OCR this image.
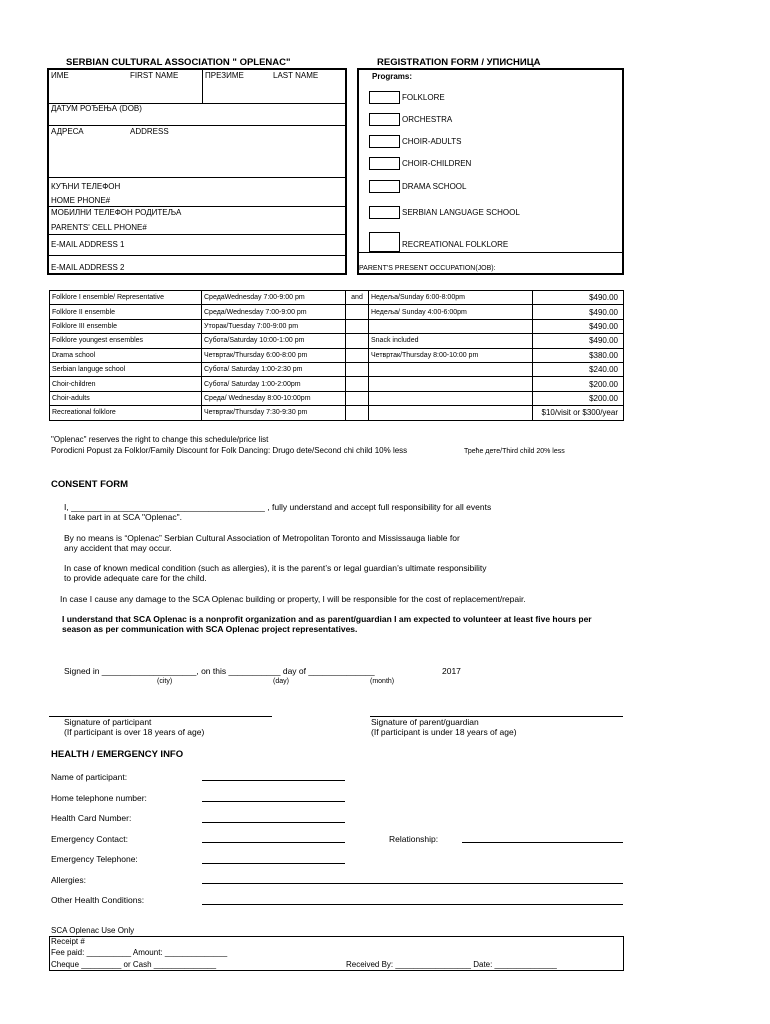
SERBIAN CULTURAL ASSOCIATION " OPLENAC"	REGISTRATION FORM / УПИСНИЦА
ИМЕ	FIRST NAME	ПРЕЗИМЕ	LAST NAME
ДАТУМ РОЂЕЊА (DOB)
АДРЕСА	ADDRESS
КУЋНИ ТЕЛЕФОН
HOME PHONE#
МОБИЛНИ ТЕЛЕФОН РОДИТЕЉА
PARENTS' CELL PHONE#
E-MAIL ADDRESS 1
E-MAIL ADDRESS 2
Programs:
FOLKLORE
ORCHESTRA
CHOIR-ADULTS
CHOIR-CHILDREN
DRAMA SCHOOL
SERBIAN LANGUAGE SCHOOL
RECREATIONAL FOLKLORE
PARENT'S PRESENT OCCUPATION(JOB):
Folklore I ensemble/ Representative	СредаWednesday 7:00-9:00 pm	and	Недеља/Sunday 6:00-8:00pm	$490.00
Folklore II ensemble	Среда/Wednesday 7:00-9:00 pm		Недеља/ Sunday 4:00-6:00pm	$490.00
Folklore III ensemble	Уторак/Tuesday 7:00-9:00 pm			$490.00
Folklore youngest ensembles	Субота/Saturday 10:00-1:00 pm		Snack included	$490.00
Drama school	Четвртак/Thursday 6:00-8:00 pm		Четвртак/Thursday 8:00-10:00 pm	$380.00
Serbian languge school	Субота/ Saturday 1:00-2:30 pm			$240.00
Choir-children	Субота/ Saturday 1:00-2:00pm			$200.00
Choir-adults	Среда/ Wednesday 8:00-10:00pm			$200.00
Recreational folklore	Четвртак/Thursday 7:30-9:30 pm			$10/visit or $300/year
"Oplenac" reserves the right to change this schedule/price list
Porodicni Popust za Folklor/Family Discount for Folk Dancing: Drugo dete/Second chi child 10% less	Треће дете/Third child 20% less
CONSENT FORM
I, _________________________________________ , fully understand and accept full responsibility for all events
I take part in at SCA "Oplenac".
By no means is “Oplenac” Serbian Cultural Association of Metropolitan Toronto and Mississauga liable for
any accident that may occur.
In case of known medical condition (such as allergies), it is the parent’s or legal guardian’s ultimate responsibility
to provide adequate care for the child.
In case I cause any damage to the SCA Oplenac building or property, I will be responsible for the cost of replacement/repair.
I understand that SCA Oplenac is a nonprofit organization and as parent/guardian I am expected to volunteer at least five hours per
season as per communication with SCA Oplenac project representatives.
Signed in ____________________, on this ___________ day of ______________	2017
(city)	(day)	(month)
Signature of participant
(If participant is over 18 years of age)
Signature of parent/guardian
(If participant is under 18 years of age)
HEALTH / EMERGENCY INFO
Name of participant:
Home telephone number:
Health Card Number:
Emergency Contact:	Relationship:
Emergency Telephone:
Allergies:
Other Health Conditions:
SCA Oplenac Use Only
Receipt #
Fee paid: __________ Amount: ______________
Cheque _________ or Cash ______________	Received By: _________________ Date: ______________
